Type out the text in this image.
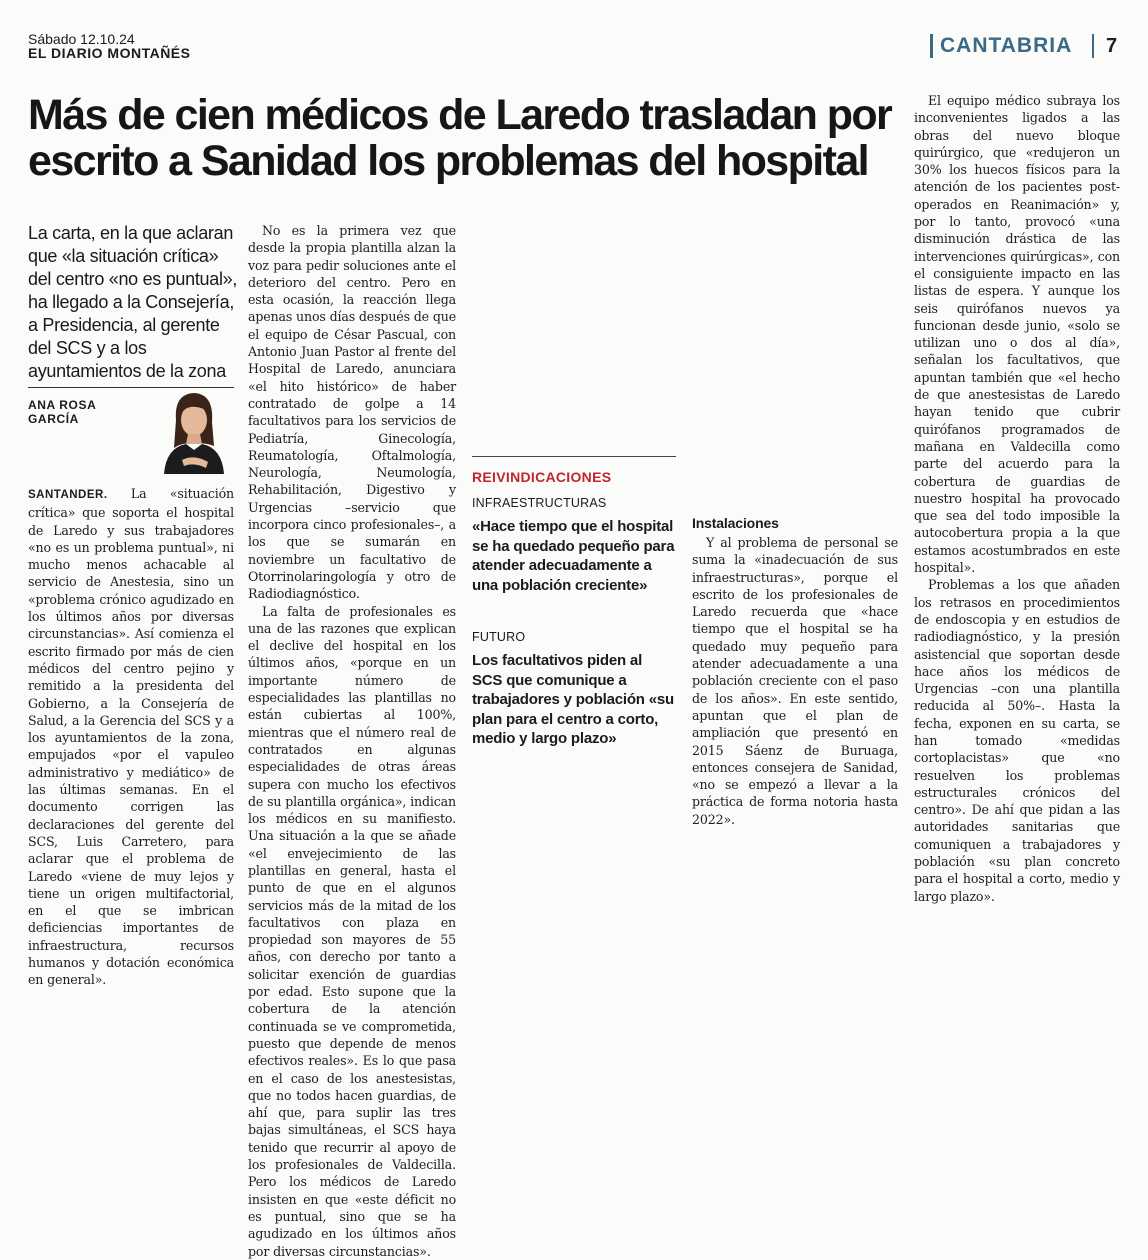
Sábado 12.10.24
EL DIARIO MONTAÑÉS	CANTABRIA 7
Más de cien médicos de Laredo trasladan por escrito a Sanidad los problemas del hospital
La carta, en la que aclaran que «la situación crítica» del centro «no es puntual», ha llegado a la Consejería, a Presidencia, al gerente del SCS y a los ayuntamientos de la zona
ANA ROSA GARCÍA

SANTANDER. La «situación crítica» que soporta el hospital de Laredo y sus trabajadores «no es un problema puntual», ni mucho menos achacable al servicio de Anestesia, sino un «problema crónico agudizado en los últimos años por diversas circunstancias». Así comienza el escrito firmado por más de cien médicos del centro pejino y remitido a la presidenta del Gobierno, a la Consejería de Salud, a la Gerencia del SCS y a los ayuntamientos de la zona, empujados «por el vapuleo administrativo y mediático» de las últimas semanas. En el documento corrigen las declaraciones del gerente del SCS, Luis Carretero, para aclarar que el problema de Laredo «viene de muy lejos y tiene un origen multifactorial, en el que se imbrican deficiencias importantes de infraestructura, recursos humanos y dotación económica en general».

No es la primera vez que desde la propia plantilla alzan la voz para pedir soluciones ante el deterioro del centro. Pero en esta ocasión, la reacción llega apenas unos días después de que el equipo de César Pascual, con Antonio Juan Pastor al frente del Hospital de Laredo, anunciara «el hito histórico» de haber contratado de golpe a 14 facultativos para los servicios de Pediatría, Ginecología, Reumatología, Oftalmología, Neurología, Neumología, Rehabilitación, Digestivo y Urgencias –servicio que incorpora cinco profesionales–, a los que se sumarán en noviembre un facultativo de Otorrinolaringología y otro de Radiodiagnóstico.

La falta de profesionales es una de las razones que explican el declive del hospital en los últimos años, «porque en un importante número de especialidades las plantillas no están cubiertas al 100%, mientras que el número real de contratados en algunas especialidades de otras áreas supera con mucho los efectivos de su plantilla orgánica», indican los médicos en su manifiesto. Una situación a la que se añade «el envejecimiento de las plantillas en general, hasta el punto de que en el algunos servicios más de la mitad de los facultativos con plaza en propiedad son mayores de 55 años, con derecho por tanto a solicitar exención de guardias por edad. Esto supone que la cobertura de la atención continuada se ve comprometida, puesto que depende de menos efectivos reales». Es lo que pasa en el caso de los anestesistas, que no todos hacen guardias, de ahí que, para suplir las tres bajas simultáneas, el SCS haya tenido que recurrir al apoyo de los profesionales de Valdecilla. Pero los médicos de Laredo insisten en que «este déficit no es puntual, sino que se ha agudizado en los últimos años por diversas circunstancias».

REIVINDICACIONES
INFRAESTRUCTURAS
«Hace tiempo que el hospital se ha quedado pequeño para atender adecuadamente a una población creciente»
FUTURO
Los facultativos piden al SCS que comunique a trabajadores y población «su plan para el centro a corto, medio y largo plazo»
Instalaciones

Y al problema de personal se suma la «inadecuación de sus infraestructuras», porque el escrito de los profesionales de Laredo recuerda que «hace tiempo que el hospital se ha quedado muy pequeño para atender adecuadamente a una población creciente con el paso de los años». En este sentido, apuntan que el plan de ampliación que presentó en 2015 Sáenz de Buruaga, entonces consejera de Sanidad, «no se empezó a llevar a la práctica de forma notoria hasta 2022».

El equipo médico subraya los inconvenientes ligados a las obras del nuevo bloque quirúrgico, que «redujeron un 30% los huecos físicos para la atención de los pacientes post-operados en Reanimación» y, por lo tanto, provocó «una disminución drástica de las intervenciones quirúrgicas», con el consiguiente impacto en las listas de espera. Y aunque los seis quirófanos nuevos ya funcionan desde junio, «solo se utilizan uno o dos al día», señalan los facultativos, que apuntan también que «el hecho de que anestesistas de Laredo hayan tenido que cubrir quirófanos programados de mañana en Valdecilla como parte del acuerdo para la cobertura de guardias de nuestro hospital ha provocado que sea del todo imposible la autocobertura propia a la que estamos acostumbrados en este hospital».

Problemas a los que añaden los retrasos en procedimientos de endoscopia y en estudios de radiodiagnóstico, y la presión asistencial que soportan desde hace años los médicos de Urgencias –con una plantilla reducida al 50%–. Hasta la fecha, exponen en su carta, se han tomado «medidas cortoplacistas» que «no resuelven los problemas estructurales crónicos del centro». De ahí que pidan a las autoridades sanitarias que comuniquen a trabajadores y población «su plan concreto para el hospital a corto, medio y largo plazo».
